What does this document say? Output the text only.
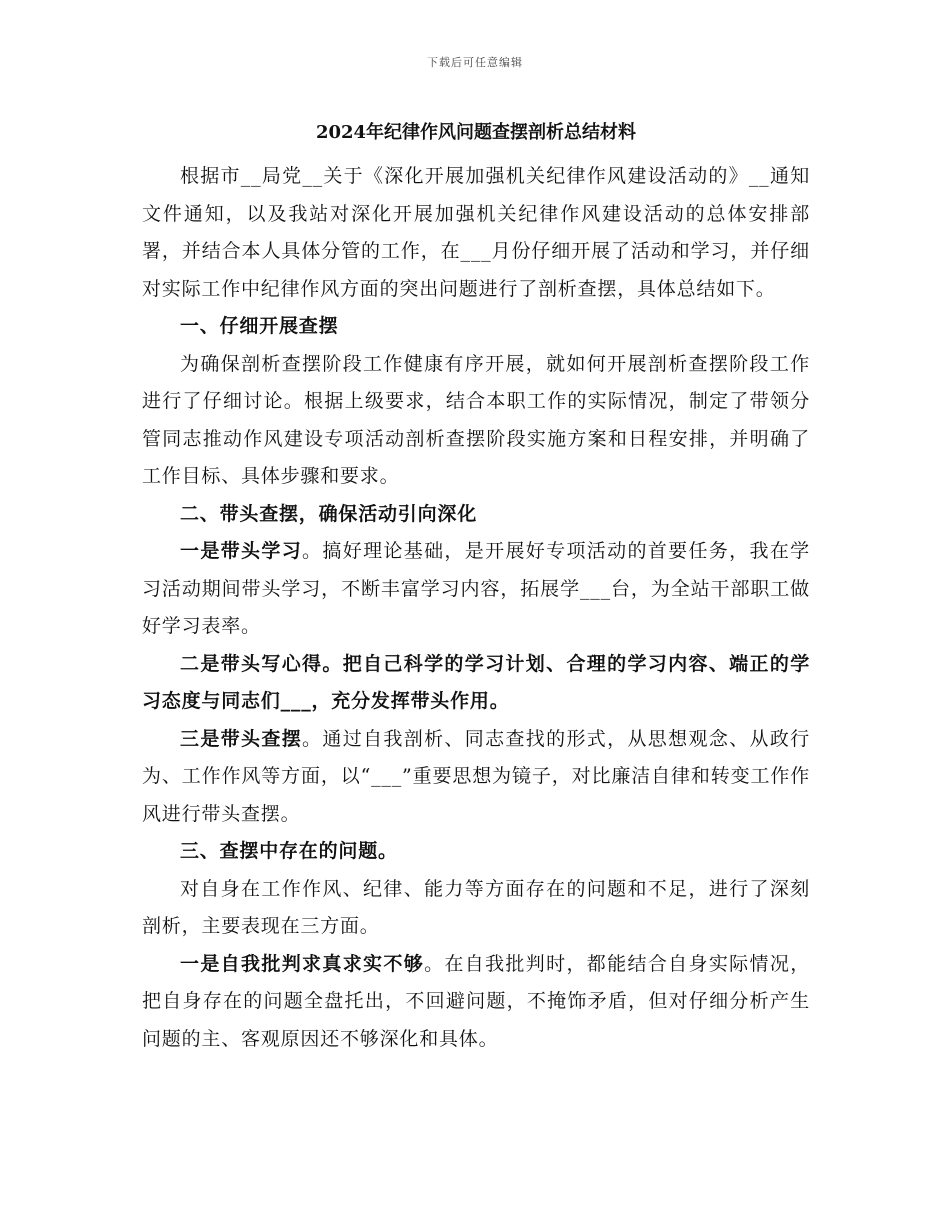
下载后可任意编辑
2024年纪律作风问题查摆剖析总结材料

根据市__局党__关于《深化开展加强机关纪律作风建设活动的》__通知文件通知，以及我站对深化开展加强机关纪律作风建设活动的总体安排部署，并结合本人具体分管的工作，在___月份仔细开展了活动和学习，并仔细对实际工作中纪律作风方面的突出问题进行了剖析查摆，具体总结如下。

一、仔细开展查摆

为确保剖析查摆阶段工作健康有序开展，就如何开展剖析查摆阶段工作进行了仔细讨论。根据上级要求，结合本职工作的实际情况，制定了带领分管同志推动作风建设专项活动剖析查摆阶段实施方案和日程安排，并明确了工作目标、具体步骤和要求。

二、带头查摆，确保活动引向深化

一是带头学习。搞好理论基础，是开展好专项活动的首要任务，我在学习活动期间带头学习，不断丰富学习内容，拓展学___台，为全站干部职工做好学习表率。

二是带头写心得。把自己科学的学习计划、合理的学习内容、端正的学习态度与同志们___，充分发挥带头作用。

三是带头查摆。通过自我剖析、同志查找的形式，从思想观念、从政行为、工作作风等方面，以“___”重要思想为镜子，对比廉洁自律和转变工作作风进行带头查摆。

三、查摆中存在的问题。

对自身在工作作风、纪律、能力等方面存在的问题和不足，进行了深刻剖析，主要表现在三方面。

一是自我批判求真求实不够。在自我批判时，都能结合自身实际情况，把自身存在的问题全盘托出，不回避问题，不掩饰矛盾，但对仔细分析产生问题的主、客观原因还不够深化和具体。
